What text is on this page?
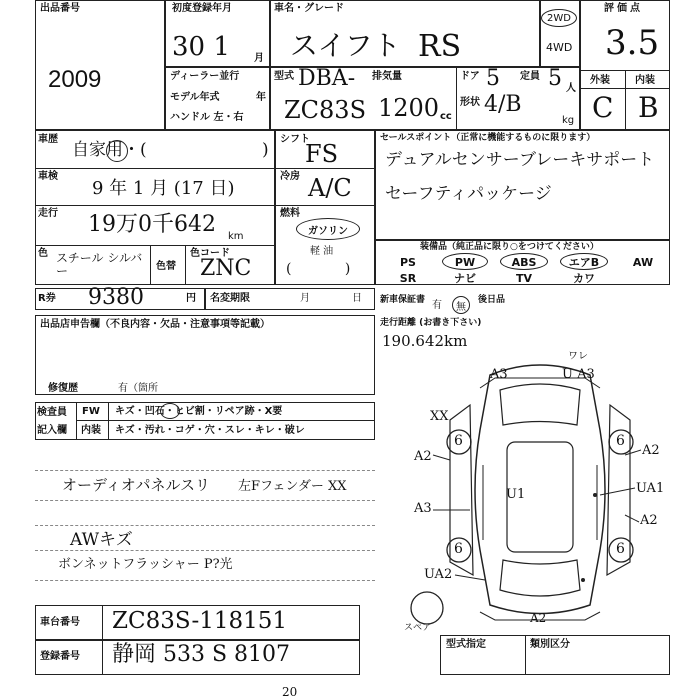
出品番号
2009
初度登録年月
30 1 月
車名・グレード
スイフト RS
2WD
4WD
評価点
3.5
外装	内装
C B
ディーラー並行
モデル年式	年
ハンドル 左・右
型式 DBA-
ZC83S
排気量
1200 cc
ドア 5 定員 5 人
形状 4/B
kg
車歴
自家用・(	)
車検
9 年 1 月 (17 日)
走行 19万0千642 km
色 スチール シルバー	色替
色コード
ZNC
シフト
FS
冷房 A/C
燃料
ガソリン
軽 油
(            )
セールスポイント（正常に機能するものに限ります）
デュアルセンサーブレーキサポート
セーフティパッケージ
装備品（純正品に限り○をつけてください）
PS	PW	ABS	エアB	AW
SR	ナビ	TV	カワ
R券 9380	円 名変期限	月	日 新車保証書 有 無
後日品
走行距離 (お書き下さい)
190.642km
出品店申告欄（不良内容・欠品・注意事項等記載）
修復歴	有（箇所
検査員
記入欄
FW キズ・凹石・ヒビ割・リペア跡・X要
内装 キズ・汚れ・コゲ・穴・スレ・キレ・破レ
オーディオパネルスリ 左Fフェンダー XX
AWキズ
ボンネットフラッシャー P?光
6	6
6	6
A3	U A3
ワレ
XX
A2	A2
UA1
A3
U1
A2
UA2
A2
スペア
車台番号 ZC83S-118151
登録番号 静岡 533 S 8107	型式指定	類別区分
20
